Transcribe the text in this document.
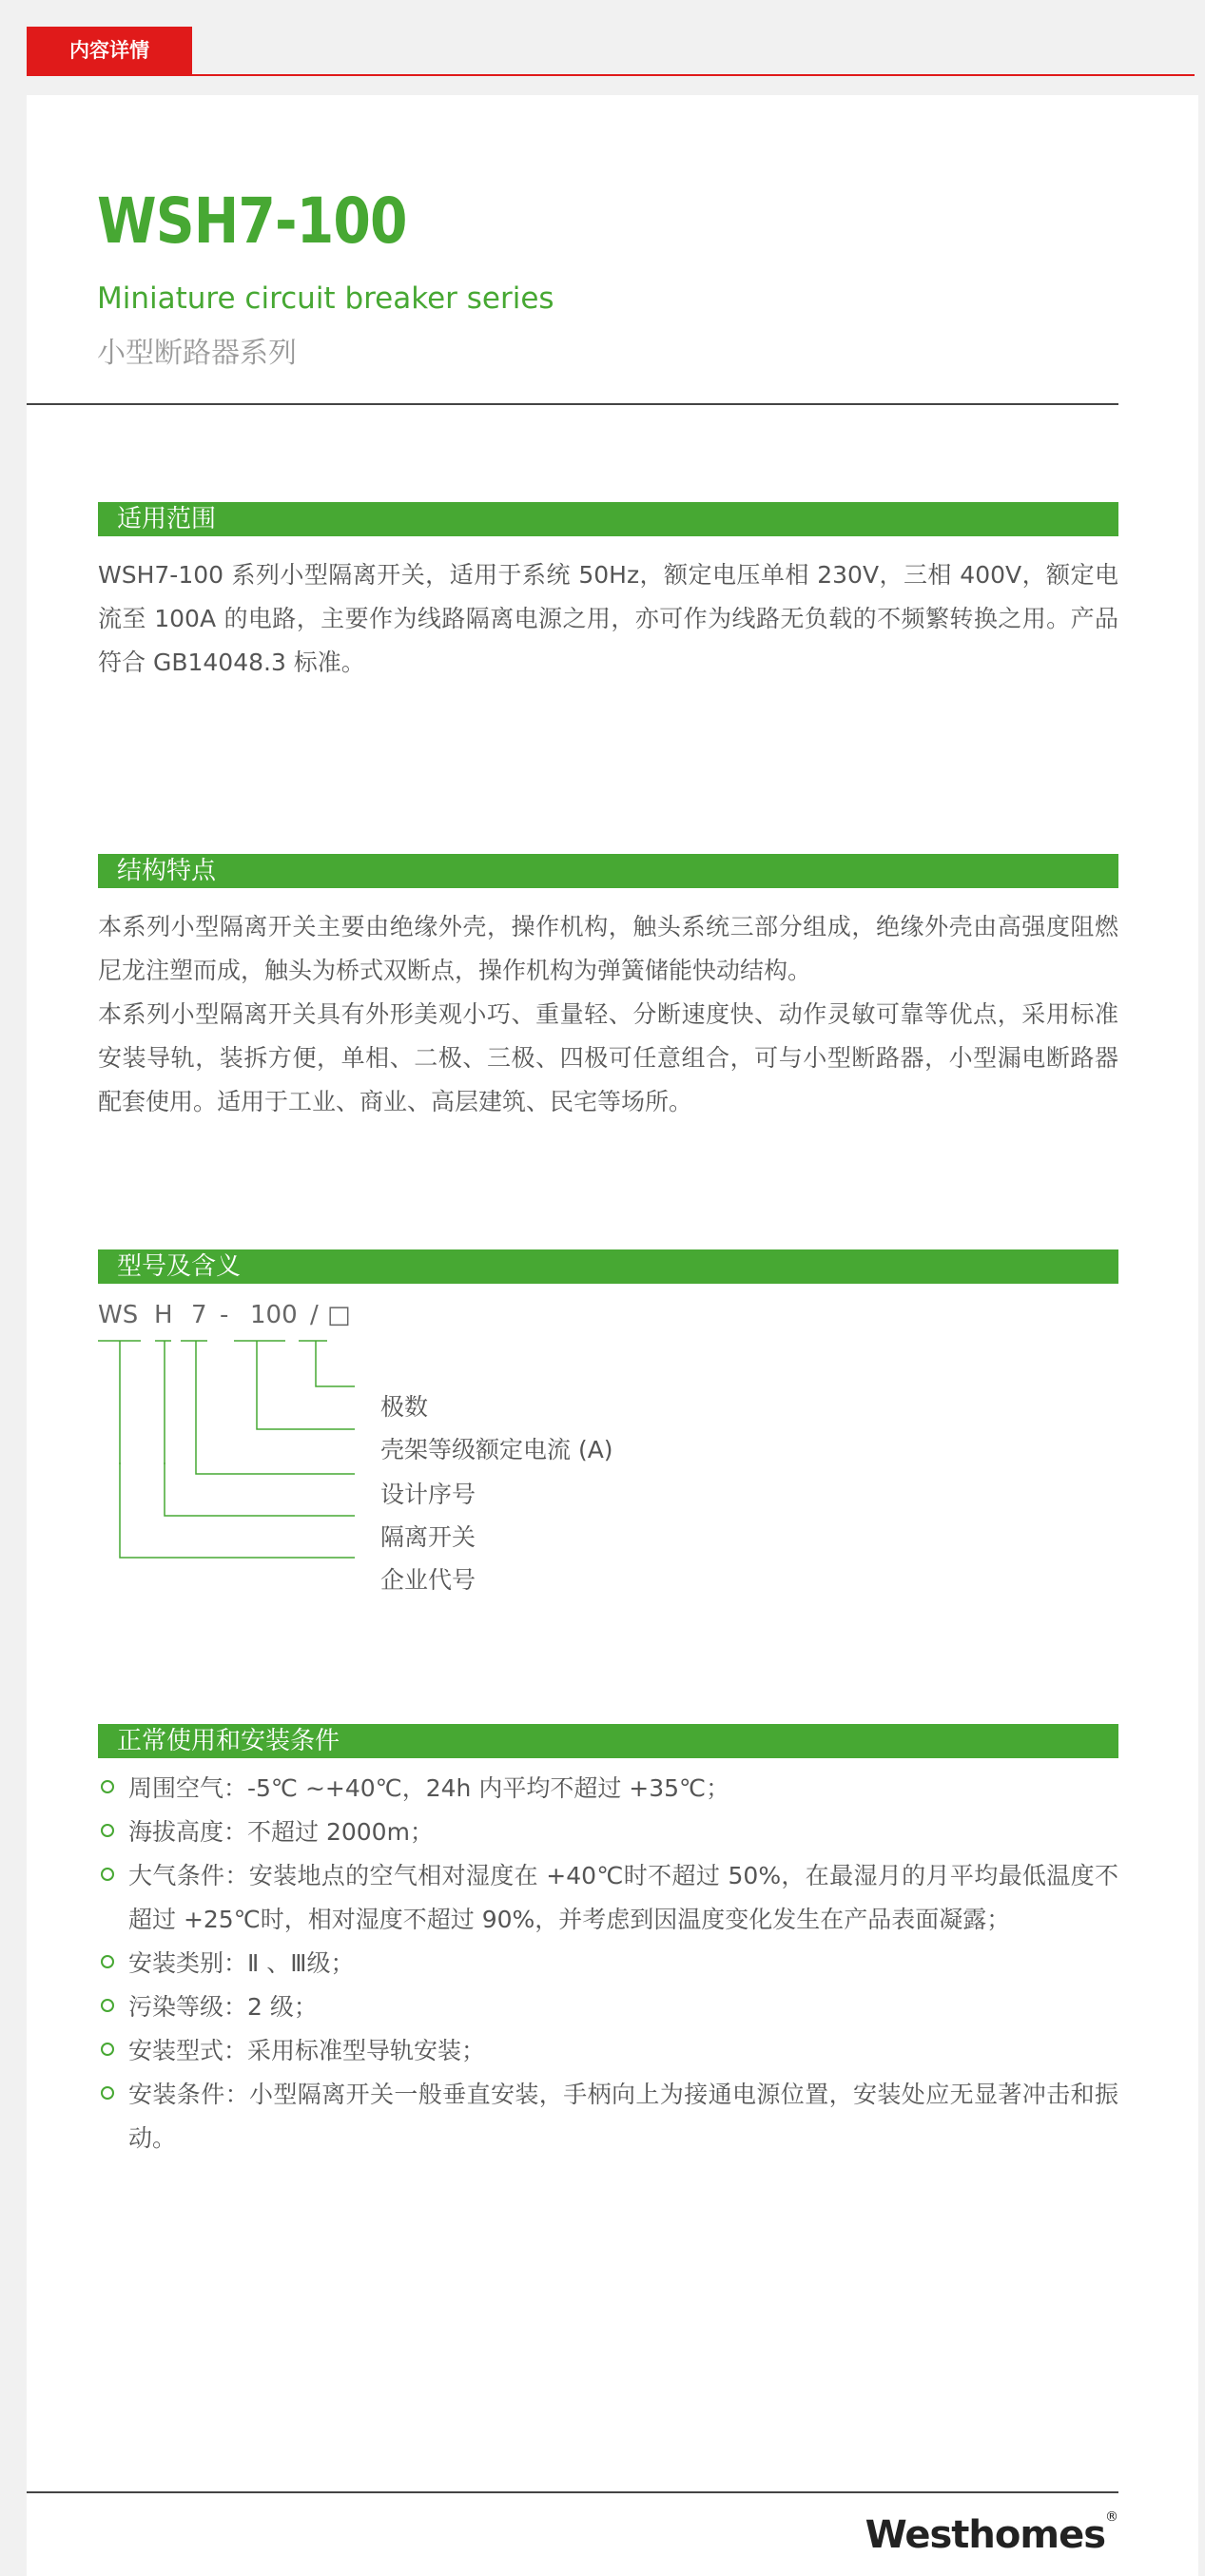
内容详情
WSH7-100
Miniature circuit breaker series
小型断路器系列
适用范围

WSH7-100 系列小型隔离开关，适用于系统 50Hz，额定电压单相 230V，三相 400V，额定电流至 100A 的电路，主要作为线路隔离电源之用，亦可作为线路无负载的不频繁转换之用。产品符合 GB14048.3 标准。

结构特点

本系列小型隔离开关主要由绝缘外壳，操作机构，触头系统三部分组成，绝缘外壳由高强度阻燃尼龙注塑而成，触头为桥式双断点，操作机构为弹簧储能快动结构。

本系列小型隔离开关具有外形美观小巧、重量轻、分断速度快、动作灵敏可靠等优点，采用标准安装导轨，装拆方便，单相、二极、三极、四极可任意组合，可与小型断路器，小型漏电断路器配套使用。适用于工业、商业、高层建筑、民宅等场所。

型号及含义
WS H 7 - 100 / □
极数
壳架等级额定电流 (A)
设计序号
隔离开关
企业代号
正常使用和安装条件
周围空气：-5℃ ~+40℃，24h 内平均不超过 +35℃；
海拔高度：不超过 2000m；
大气条件：安装地点的空气相对湿度在 +40℃时不超过 50%，在最湿月的月平均最低温度不超过 +25℃时，相对湿度不超过 90%，并考虑到因温度变化发生在产品表面凝露；
安装类别：Ⅱ 、Ⅲ级；
污染等级：2 级；
安装型式：采用标准型导轨安装；
安装条件：小型隔离开关一般垂直安装，手柄向上为接通电源位置，安装处应无显著冲击和振动。
Westhomes®
